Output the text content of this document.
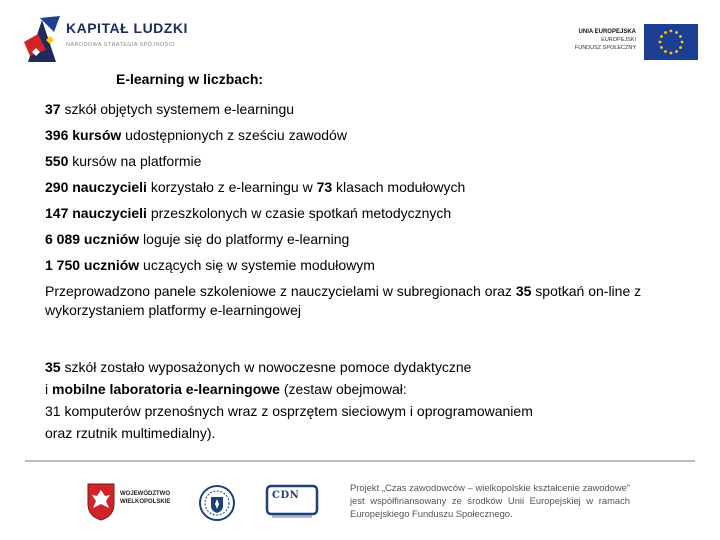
KAPITAŁ LUDZKI
NARODOWA STRATEGIA SPÓJNOŚCI
UNIA EUROPEJSKA
EUROPEJSKI
FUNDUSZ SPOŁECZNY
E-learning w liczbach:
37 szkół objętych systemem e-learningu
396 kursów udostępnionych z sześciu zawodów
550 kursów na platformie
290 nauczycieli korzystało z e-learningu w 73 klasach modułowych
147 nauczycieli przeszkolonych w czasie spotkań metodycznych
6 089 uczniów loguje się do platformy e-learning
1 750 uczniów uczących się w systemie modułowym
Przeprowadzono panele szkoleniowe z nauczycielami w subregionach oraz 35 spotkań on-line z wykorzystaniem platformy e-learningowej
35 szkół zostało wyposażonych w nowoczesne pomoce dydaktyczne
i mobilne laboratoria e-learningowe (zestaw obejmował:
31 komputerów przenośnych wraz z osprzętem sieciowym i oprogramowaniem
oraz rzutnik multimedialny).
WOJEWÓDZTWO
WIELKOPOLSKIE
CDN
Projekt „Czas zawodowców – wielkopolskie kształcenie zawodowe” jest współfinansowany ze środków Unii Europejskiej w ramach Europejskiego Funduszu Społecznego.
